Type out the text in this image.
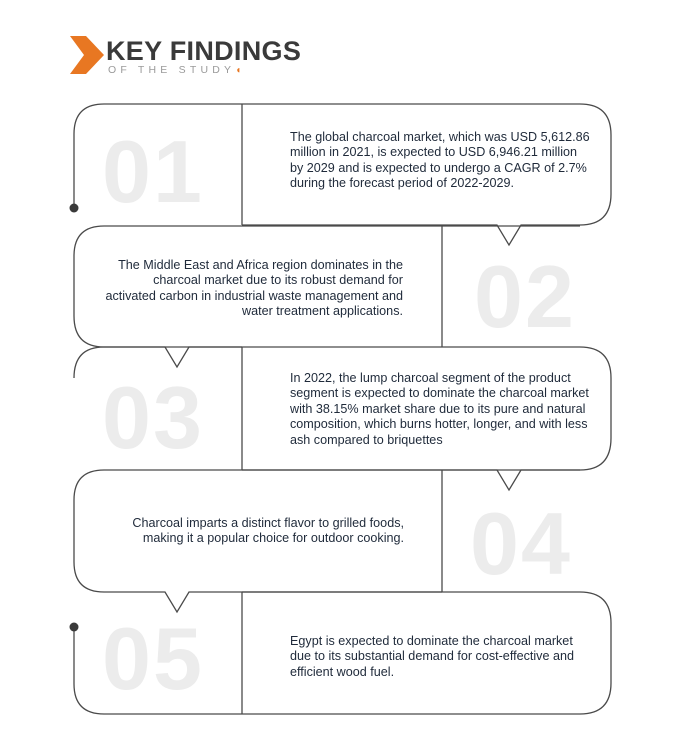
KEY FINDINGS
OF THE STUDY◖
01
02
03
04
05
The global charcoal market, which was USD 5,612.86 million in 2021, is expected to USD 6,946.21 million by 2029 and is expected to undergo a CAGR of 2.7% during the forecast period of 2022-2029.
The Middle East and Africa region dominates in the charcoal market due to its robust demand for activated carbon in industrial waste management and water treatment applications.
In 2022, the lump charcoal segment of the product segment is expected to dominate the charcoal market with 38.15% market share due to its pure and natural composition, which burns hotter, longer, and with less ash compared to briquettes
Charcoal imparts a distinct flavor to grilled foods, making it a popular choice for outdoor cooking.
Egypt is expected to dominate the charcoal market due to its substantial demand for cost-effective and efficient wood fuel.
